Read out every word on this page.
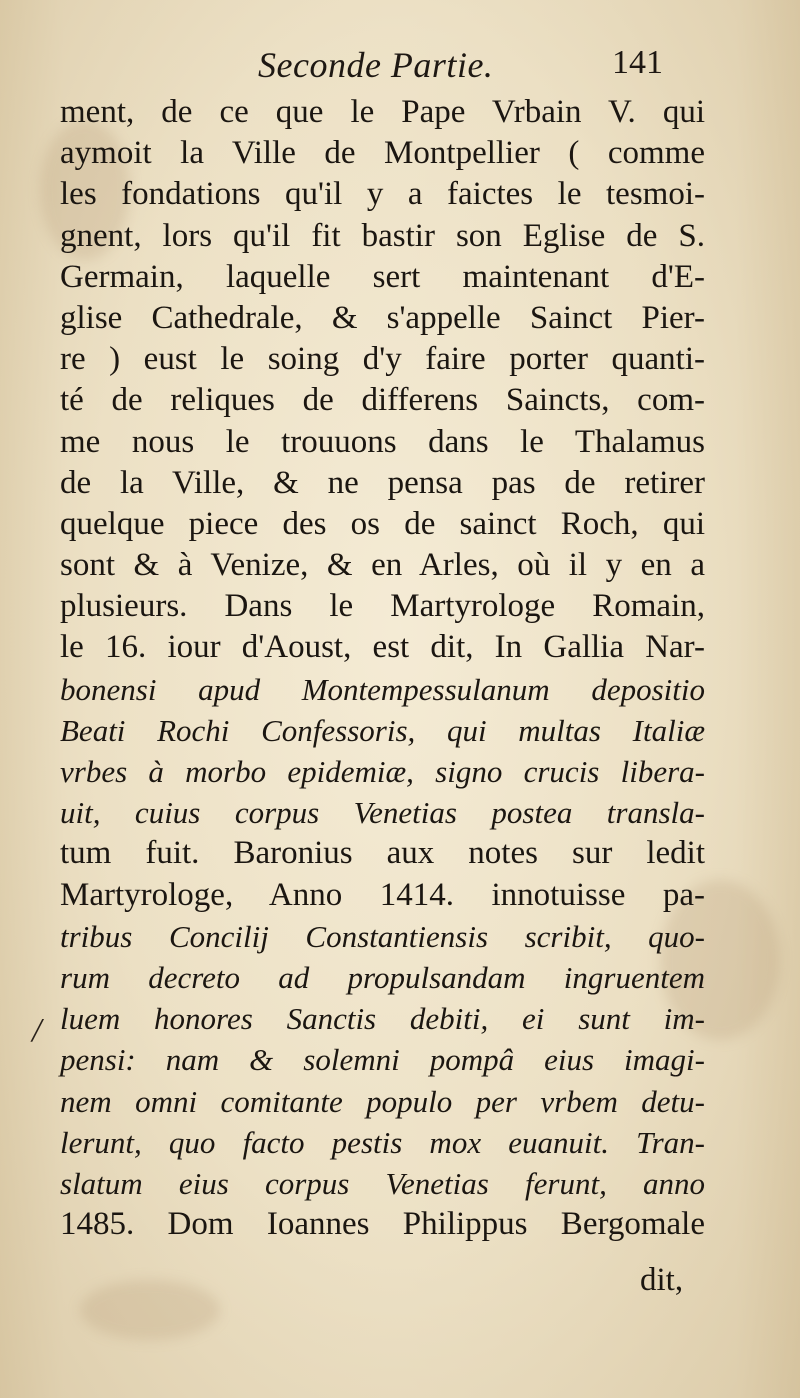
Seconde Partie.	141
ment, de ce que le Pape Vrbain V. qui
aymoit la Ville de Montpellier ( comme
les fondations qu'il y a faictes le tesmoi-
gnent, lors qu'il fit bastir son Eglise de S.
Germain, laquelle sert maintenant d'E-
glise Cathedrale, & s'appelle Sainct Pier-
re ) eust le soing d'y faire porter quanti-
té de reliques de differens Saincts, com-
me nous le trouuons dans le Thalamus
de la Ville, & ne pensa pas de retirer
quelque piece des os de sainct Roch, qui
sont & à Venize, & en Arles, où il y en a
plusieurs. Dans le Martyrologe Romain,
le 16. iour d'Aoust, est dit, In Gallia Nar-
bonensi apud Montempessulanum depositio
Beati Rochi Confessoris, qui multas Italiæ
vrbes à morbo epidemiæ, signo crucis libera-
uit, cuius corpus Venetias postea transla-
tum fuit. Baronius aux notes sur ledit
Martyrologe, Anno 1414. innotuisse pa-
tribus Concilij Constantiensis scribit, quo-
rum decreto ad propulsandam ingruentem
luem honores Sanctis debiti, ei sunt im-
pensi: nam & solemni pompâ eius imagi-
nem omni comitante populo per vrbem detu-
lerunt, quo facto pestis mox euanuit. Tran-
slatum eius corpus Venetias ferunt, anno
1485. Dom Ioannes Philippus Bergomale
/
dit,
